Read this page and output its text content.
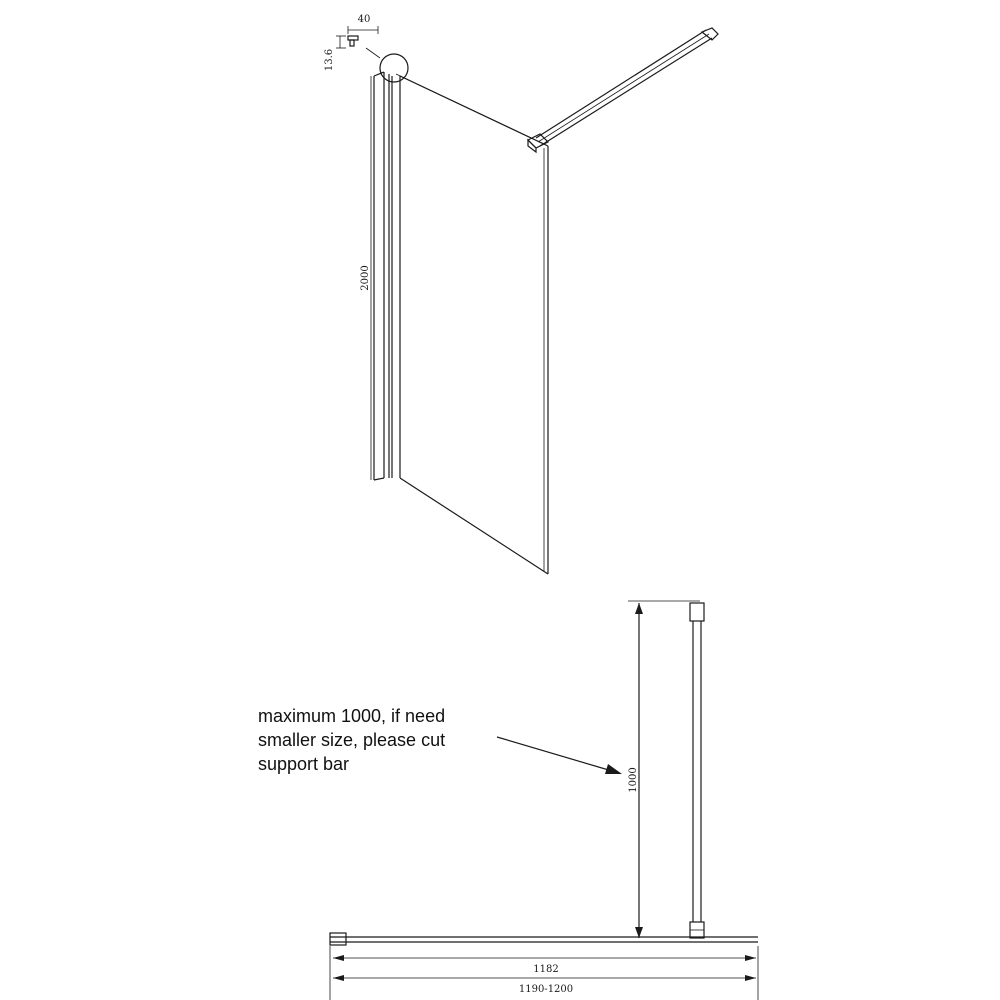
40
13.6
2000
1000
1182
1190-1200
maximum 1000, if need
smaller size, please cut
support bar
